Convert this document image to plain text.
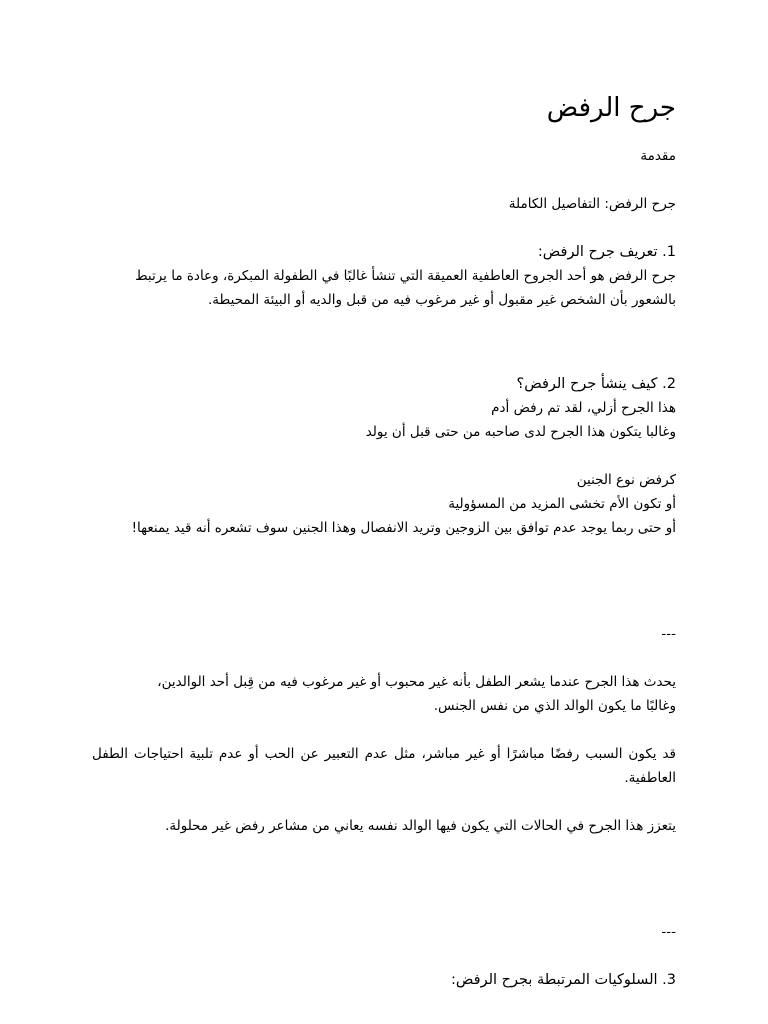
جرح الرفض

مقدمة

جرح الرفض: التفاصيل الكاملة

1. تعريف جرح الرفض:

جرح الرفض هو أحد الجروح العاطفية العميقة التي تنشأ غالبًا في الطفولة المبكرة، وعادة ما يرتبط

بالشعور بأن الشخص غير مقبول أو غير مرغوب فيه من قبل والديه أو البيئة المحيطة.

2. كيف ينشأ جرح الرفض؟

هذا الجرح أزلي، لقد تم رفض أدم

وغالبا يتكون هذا الجرح لدى صاحبه من حتى قبل أن يولد

كرفض نوع الجنين

أو تكون الأم تخشى المزيد من المسؤولية

أو حتى ربما يوجد عدم توافق بين الزوجين وتريد الانفصال وهذا الجنين سوف تشعره أنه قيد يمنعها!

---

يحدث هذا الجرح عندما يشعر الطفل بأنه غير محبوب أو غير مرغوب فيه من قِبل أحد الوالدين،

وغالبًا ما يكون الوالد الذي من نفس الجنس.

قد يكون السبب رفضًا مباشرًا أو غير مباشر، مثل عدم التعبير عن الحب أو عدم تلبية احتياجات الطفل العاطفية.

يتعزز هذا الجرح في الحالات التي يكون فيها الوالد نفسه يعاني من مشاعر رفض غير محلولة.

---

3. السلوكيات المرتبطة بجرح الرفض:
